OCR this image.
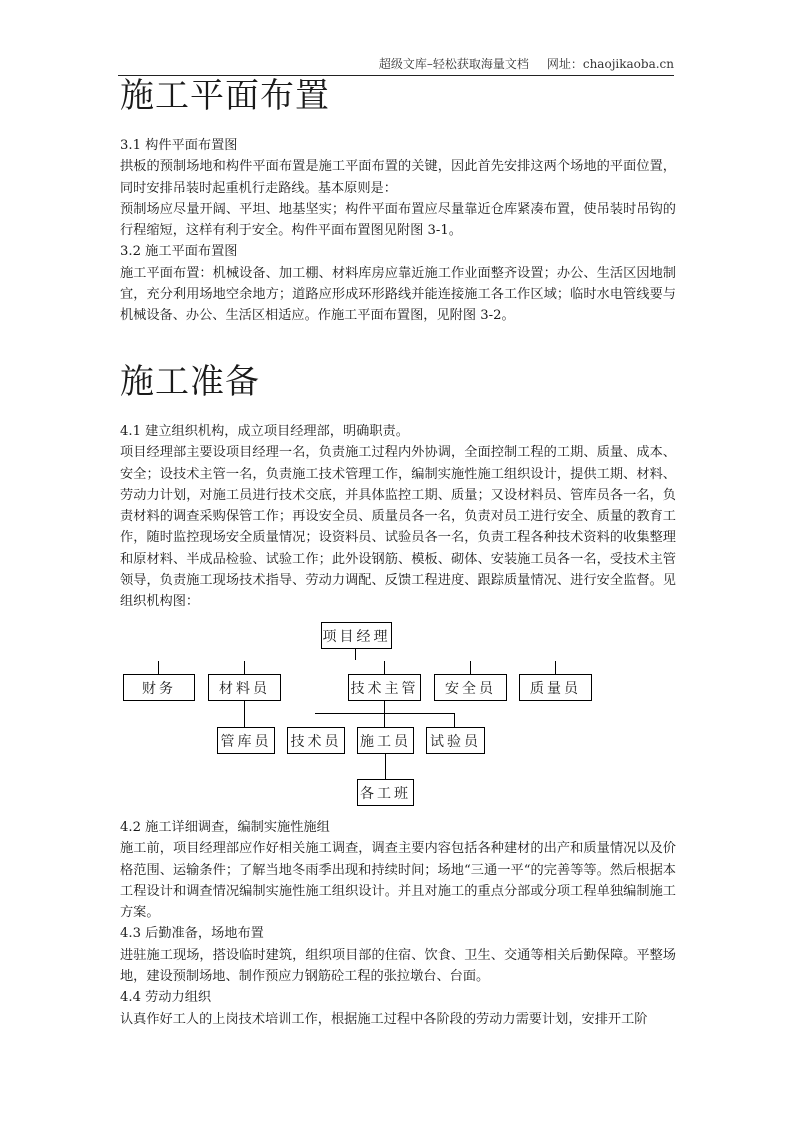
超级文库–轻松获取海量文档 网址：chaojikaoba.cn
施工平面布置

3.1 构件平面布置图

拱板的预制场地和构件平面布置是施工平面布置的关键，因此首先安排这两个场地的平面位置，同时安排吊装时起重机行走路线。基本原则是：

预制场应尽量开阔、平坦、地基坚实；构件平面布置应尽量靠近仓库紧凑布置，使吊装时吊钩的行程缩短，这样有利于安全。构件平面布置图见附图 3-1。

3.2 施工平面布置图

施工平面布置：机械设备、加工棚、材料库房应靠近施工作业面整齐设置；办公、生活区因地制宜，充分利用场地空余地方；道路应形成环形路线并能连接施工各工作区域；临时水电管线要与机械设备、办公、生活区相适应。作施工平面布置图，见附图 3-2。

施工准备

4.1 建立组织机构，成立项目经理部，明确职责。

项目经理部主要设项目经理一名，负责施工过程内外协调，全面控制工程的工期、质量、成本、安全；设技术主管一名，负责施工技术管理工作，编制实施性施工组织设计，提供工期、材料、劳动力计划，对施工员进行技术交底，并具体监控工期、质量；又设材料员、管库员各一名，负责材料的调查采购保管工作；再设安全员、质量员各一名，负责对员工进行安全、质量的教育工作，随时监控现场安全质量情况；设资料员、试验员各一名，负责工程各种技术资料的收集整理和原材料、半成品检验、试验工作；此外设钢筋、模板、砌体、安装施工员各一名，受技术主管领导，负责施工现场技术指导、劳动力调配、反馈工程进度、跟踪质量情况、进行安全监督。见组织机构图：

项目经理
财务	材料员	技术主管	安全员	质量员
管库员 技术员 施工员 试验员
各工班

4.2 施工详细调查，编制实施性施组

施工前，项目经理部应作好相关施工调查，调查主要内容包括各种建材的出产和质量情况以及价格范围、运输条件；了解当地冬雨季出现和持续时间；场地“三通一平“的完善等等。然后根据本工程设计和调查情况编制实施性施工组织设计。并且对施工的重点分部或分项工程单独编制施工方案。

4.3 后勤准备，场地布置

进驻施工现场，搭设临时建筑，组织项目部的住宿、饮食、卫生、交通等相关后勤保障。平整场地，建设预制场地、制作预应力钢筋砼工程的张拉墩台、台面。

4.4 劳动力组织

认真作好工人的上岗技术培训工作，根据施工过程中各阶段的劳动力需要计划，安排开工阶
